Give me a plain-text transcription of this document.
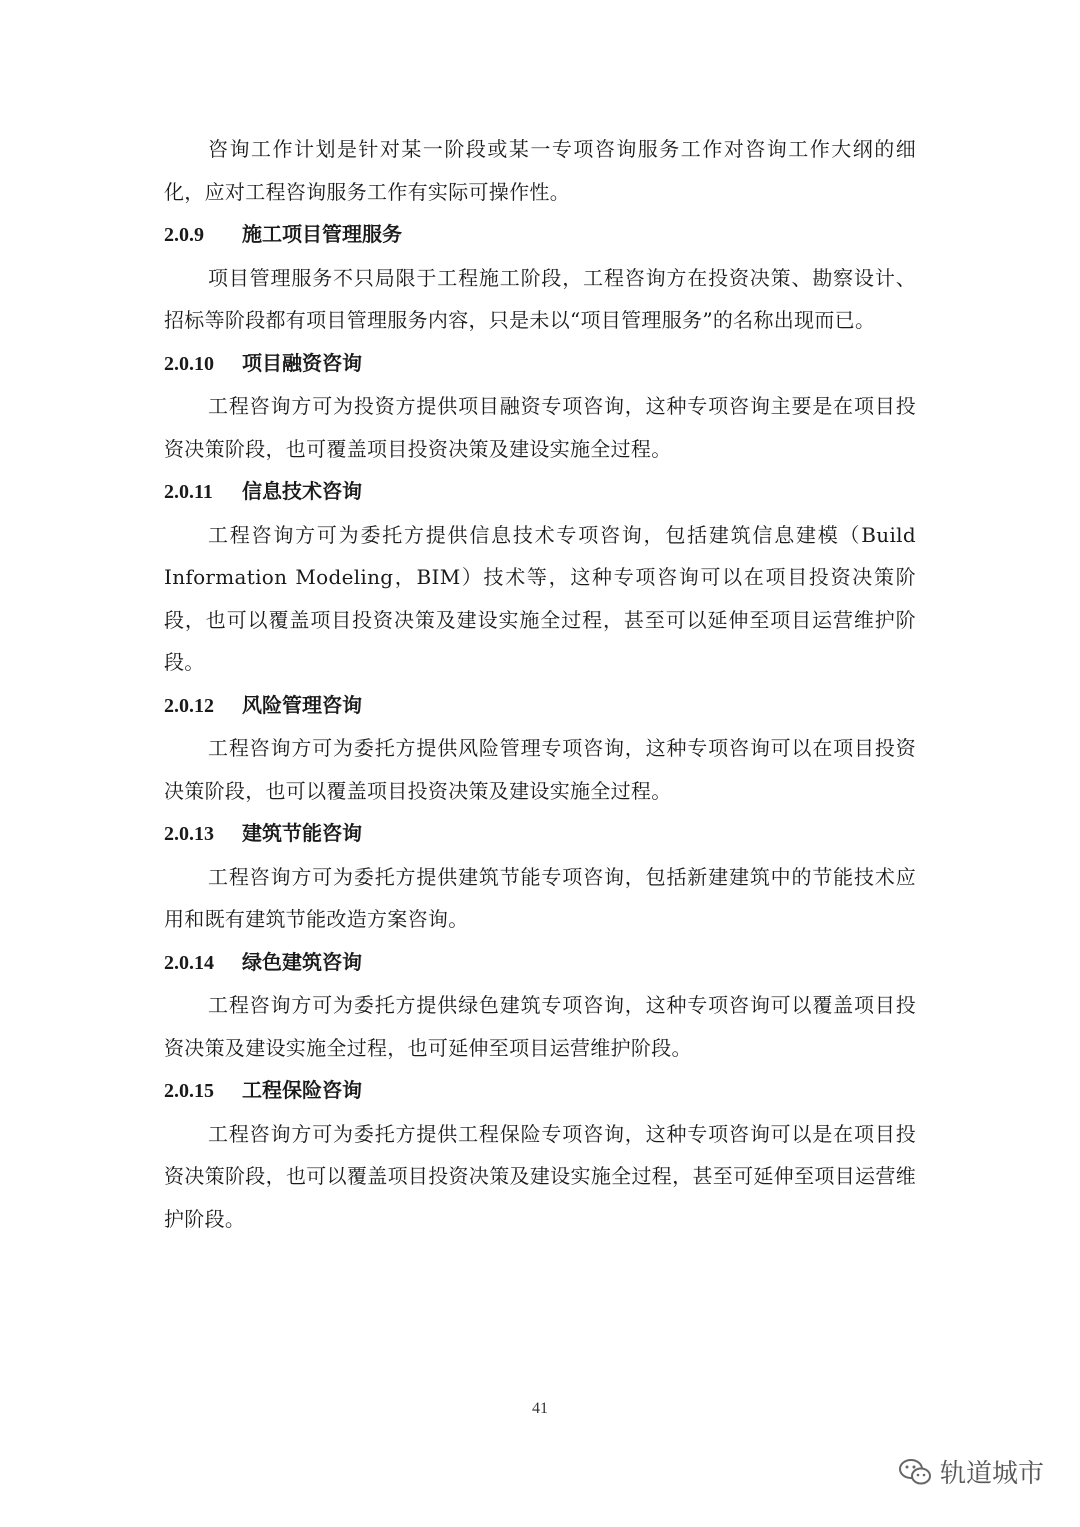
咨询工作计划是针对某一阶段或某一专项咨询服务工作对咨询工作大纲的细化，应对工程咨询服务工作有实际可操作性。

2.0.9 施工项目管理服务

项目管理服务不只局限于工程施工阶段，工程咨询方在投资决策、勘察设计、招标等阶段都有项目管理服务内容，只是未以“项目管理服务”的名称出现而已。

2.0.10 项目融资咨询

工程咨询方可为投资方提供项目融资专项咨询，这种专项咨询主要是在项目投资决策阶段，也可覆盖项目投资决策及建设实施全过程。

2.0.11 信息技术咨询

工程咨询方可为委托方提供信息技术专项咨询，包括建筑信息建模（Build Information Modeling，BIM）技术等，这种专项咨询可以在项目投资决策阶段，也可以覆盖项目投资决策及建设实施全过程，甚至可以延伸至项目运营维护阶段。

2.0.12 风险管理咨询

工程咨询方可为委托方提供风险管理专项咨询，这种专项咨询可以在项目投资决策阶段，也可以覆盖项目投资决策及建设实施全过程。

2.0.13 建筑节能咨询

工程咨询方可为委托方提供建筑节能专项咨询，包括新建建筑中的节能技术应用和既有建筑节能改造方案咨询。

2.0.14 绿色建筑咨询

工程咨询方可为委托方提供绿色建筑专项咨询，这种专项咨询可以覆盖项目投资决策及建设实施全过程，也可延伸至项目运营维护阶段。

2.0.15 工程保险咨询

工程咨询方可为委托方提供工程保险专项咨询，这种专项咨询可以是在项目投资决策阶段，也可以覆盖项目投资决策及建设实施全过程，甚至可延伸至项目运营维护阶段。

41
轨道城市
